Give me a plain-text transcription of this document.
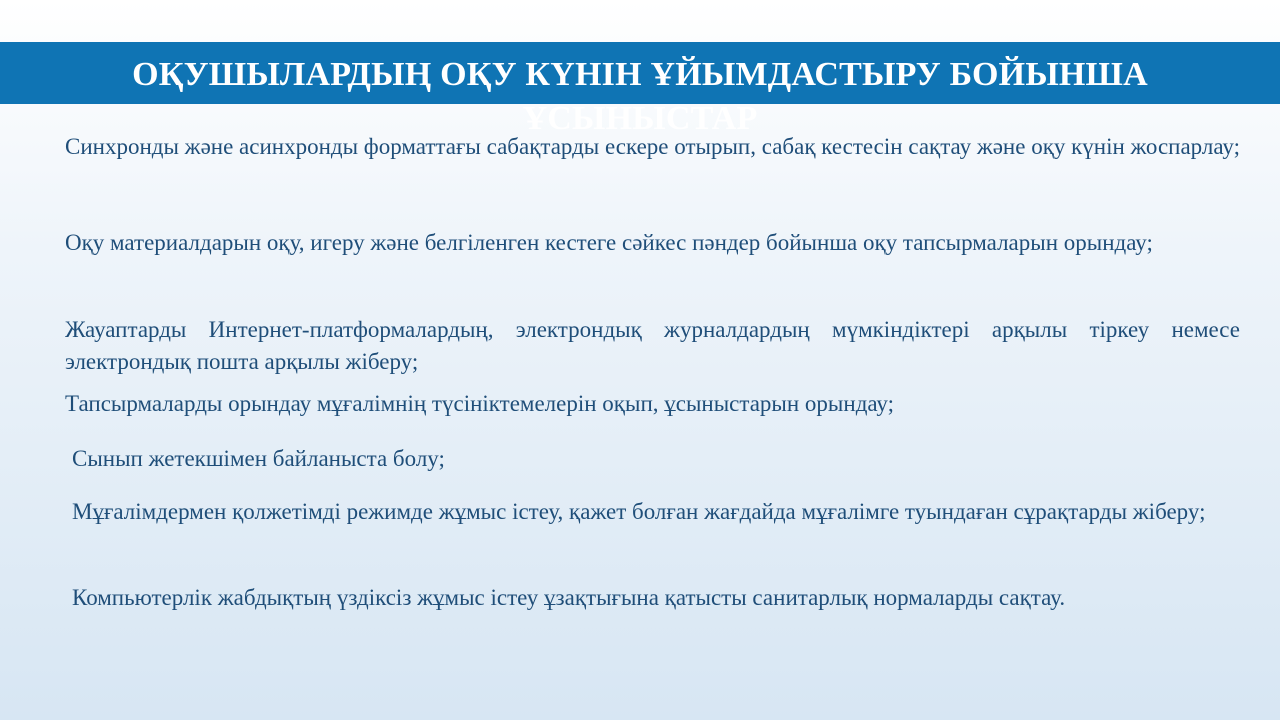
ОҚУШЫЛАРДЫҢ ОҚУ КҮНІН ҰЙЫМДАСТЫРУ БОЙЫНША ҰСЫНЫСТАР

Синхронды және асинхронды форматтағы сабақтарды ескере отырып, сабақ кестесін сақтау және оқу күнін жоспарлау;

Оқу материалдарын оқу, игеру және белгіленген кестеге сәйкес пәндер бойынша оқу тапсырмаларын орындау;

Жауаптарды Интернет-платформалардың, электрондық журналдардың мүмкіндіктері арқылы тіркеу немесе электрондық пошта арқылы жіберу;

Тапсырмаларды орындау мұғалімнің түсініктемелерін оқып, ұсыныстарын орындау;

Сынып жетекшімен байланыста болу;

Мұғалімдермен қолжетімді режимде жұмыс істеу, қажет болған жағдайда мұғалімге туындаған сұрақтарды жіберу;

Компьютерлік жабдықтың үздіксіз жұмыс істеу ұзақтығына қатысты санитарлық нормаларды сақтау.
